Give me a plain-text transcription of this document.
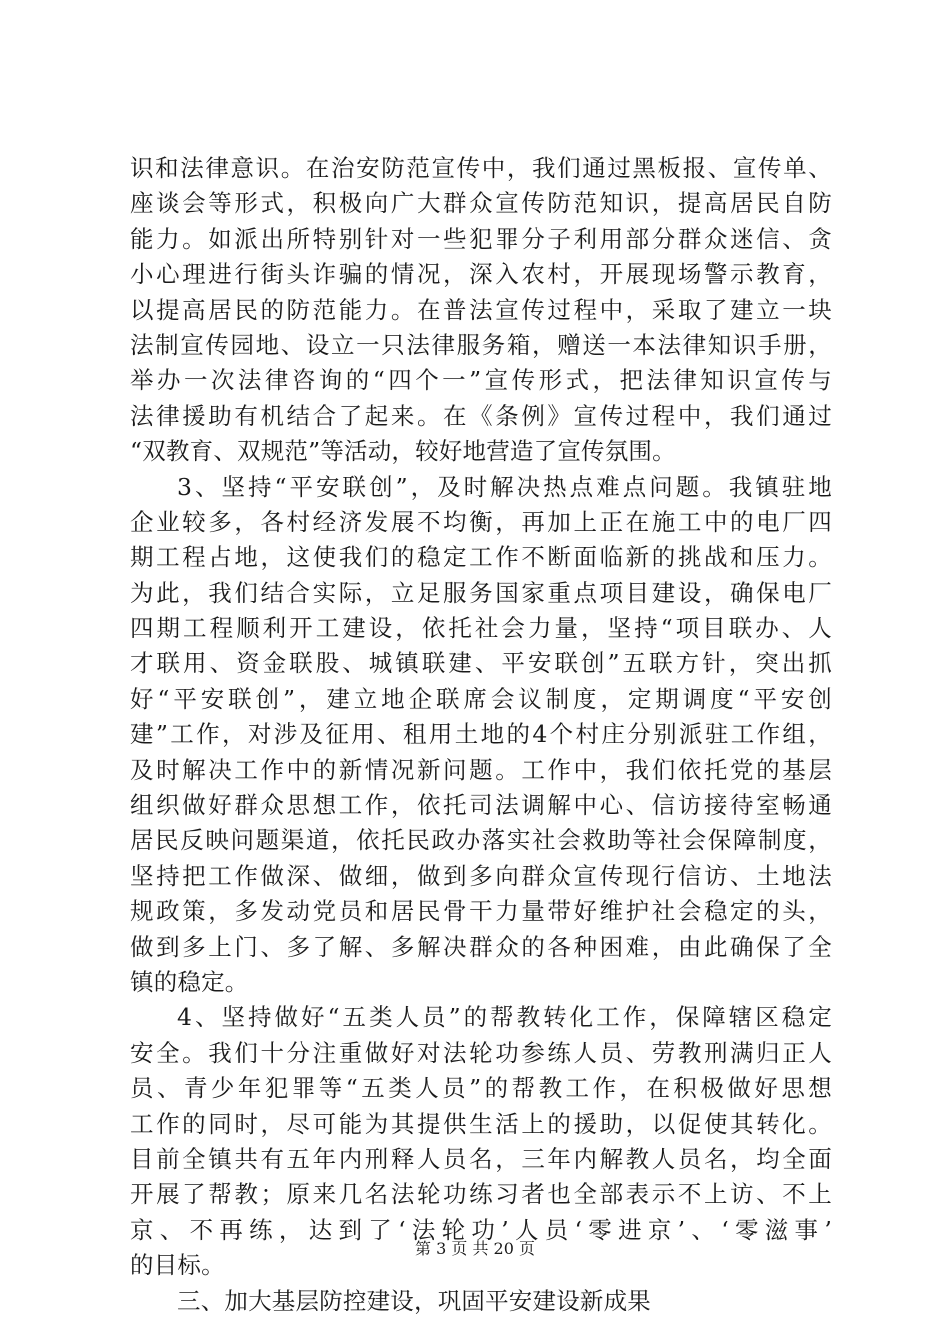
识和法律意识。在治安防范宣传中，我们通过黑板报、宣传单、
座谈会等形式，积极向广大群众宣传防范知识，提高居民自防
能力。如派出所特别针对一些犯罪分子利用部分群众迷信、贪
小心理进行街头诈骗的情况，深入农村，开展现场警示教育，
以提高居民的防范能力。在普法宣传过程中，采取了建立一块
法制宣传园地、设立一只法律服务箱，赠送一本法律知识手册，
举办一次法律咨询的“四个一”宣传形式，把法律知识宣传与
法律援助有机结合了起来。在《条例》宣传过程中，我们通过
“双教育、双规范”等活动，较好地营造了宣传氛围。
3、坚持“平安联创”，及时解决热点难点问题。我镇驻地
企业较多，各村经济发展不均衡，再加上正在施工中的电厂四
期工程占地，这使我们的稳定工作不断面临新的挑战和压力。
为此，我们结合实际，立足服务国家重点项目建设，确保电厂
四期工程顺利开工建设，依托社会力量，坚持“项目联办、人
才联用、资金联股、城镇联建、平安联创”五联方针，突出抓
好“平安联创”，建立地企联席会议制度，定期调度“平安创
建”工作，对涉及征用、租用土地的4个村庄分别派驻工作组，
及时解决工作中的新情况新问题。工作中，我们依托党的基层
组织做好群众思想工作，依托司法调解中心、信访接待室畅通
居民反映问题渠道，依托民政办落实社会救助等社会保障制度，
坚持把工作做深、做细，做到多向群众宣传现行信访、土地法
规政策，多发动党员和居民骨干力量带好维护社会稳定的头，
做到多上门、多了解、多解决群众的各种困难，由此确保了全
镇的稳定。
4、坚持做好“五类人员”的帮教转化工作，保障辖区稳定
安全。我们十分注重做好对法轮功参练人员、劳教刑满归正人
员、青少年犯罪等“五类人员”的帮教工作，在积极做好思想
工作的同时，尽可能为其提供生活上的援助，以促使其转化。
目前全镇共有五年内刑释人员名，三年内解教人员名，均全面
开展了帮教；原来几名法轮功练习者也全部表示不上访、不上
京、不再练，达到了‘法轮功’人员‘零进京’、‘零滋事’
的目标。
三、加大基层防控建设，巩固平安建设新成果
第 3 页 共 20 页
